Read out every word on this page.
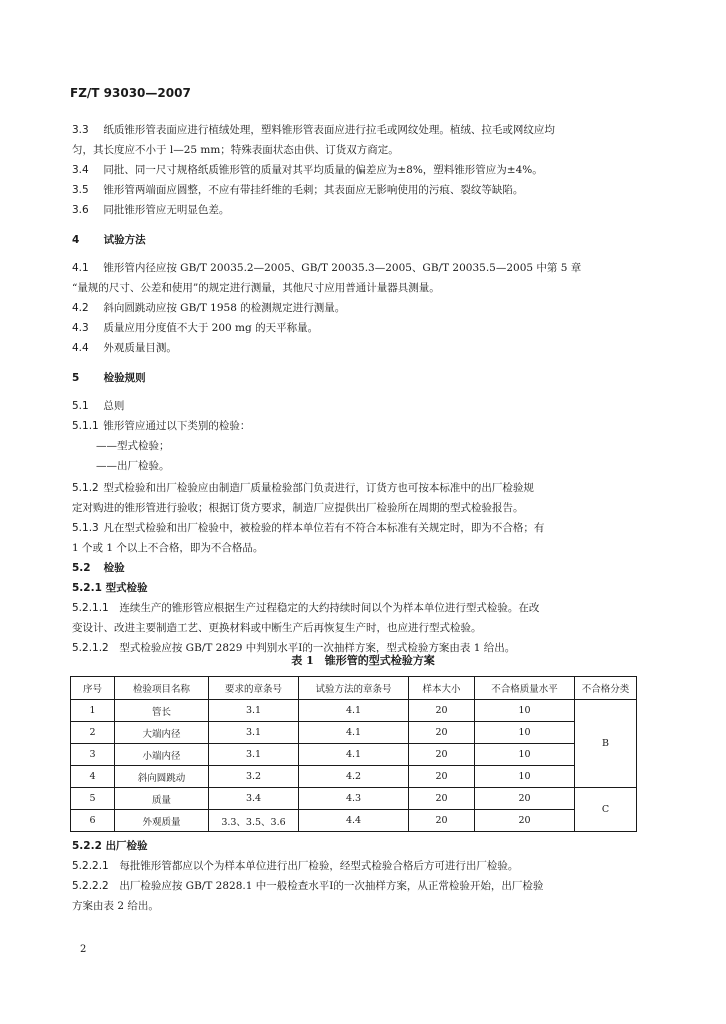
FZ/T 93030—2007
3.3 纸质锥形管表面应进行植绒处理，塑料锥形管表面应进行拉毛或网纹处理。植绒、拉毛或网纹应均
匀，其长度应不小于 l—25 mm；特殊表面状态由供、订货双方商定。
3.4 同批、同一尺寸规格纸质锥形管的质量对其平均质量的偏差应为±8%，塑料锥形管应为±4%。
3.5 锥形管两端面应圆整，不应有带挂纤维的毛刺；其表面应无影响使用的污痕、裂纹等缺陷。
3.6 同批锥形管应无明显色差。
4 试验方法
4.1 锥形管内径应按 GB/T 20035.2—2005、GB/T 20035.3—2005、GB/T 20035.5—2005 中第 5 章
“量规的尺寸、公差和使用”的规定进行测量，其他尺寸应用普通计量器具测量。
4.2 斜向圆跳动应按 GB/T 1958 的检测规定进行测量。
4.3 质量应用分度值不大于 200 mg 的天平称量。
4.4 外观质量目测。
5 检验规则
5.1 总则
5.1.1 锥形管应通过以下类别的检验：
——型式检验；
——出厂检验。
5.1.2 型式检验和出厂检验应由制造厂质量检验部门负责进行，订货方也可按本标准中的出厂检验规
定对购进的锥形管进行验收；根据订货方要求，制造厂应提供出厂检验所在周期的型式检验报告。
5.1.3 凡在型式检验和出厂检验中，被检验的样本单位若有不符合本标准有关规定时，即为不合格；有
1 个或 1 个以上不合格，即为不合格品。
5.2 检验
5.2.1 型式检验
5.2.1.1 连续生产的锥形管应根据生产过程稳定的大约持续时间以个为样本单位进行型式检验。在改
变设计、改进主要制造工艺、更换材料或中断生产后再恢复生产时，也应进行型式检验。
5.2.1.2 型式检验应按 GB/T 2829 中判别水平Ⅰ的一次抽样方案，型式检验方案由表 1 给出。
表 1　锥形管的型式检验方案
序号	检验项目名称	要求的章条号	试验方法的章条号	样本大小	不合格质量水平	不合格分类
1	管长	3.1	4.1	20	10	B
2	大端内径	3.1	4.1	20	10	
3	小端内径	3.1	4.1	20	10	
4	斜向圆跳动	3.2	4.2	20	10	
5	质量	3.4	4.3	20	20	C
6	外观质量	3.3、3.5、3.6	4.4	20	20	
5.2.2 出厂检验
5.2.2.1 每批锥形管都应以个为样本单位进行出厂检验，经型式检验合格后方可进行出厂检验。
5.2.2.2 出厂检验应按 GB/T 2828.1 中一般检查水平Ⅰ的一次抽样方案，从正常检验开始，出厂检验
方案由表 2 给出。
2
